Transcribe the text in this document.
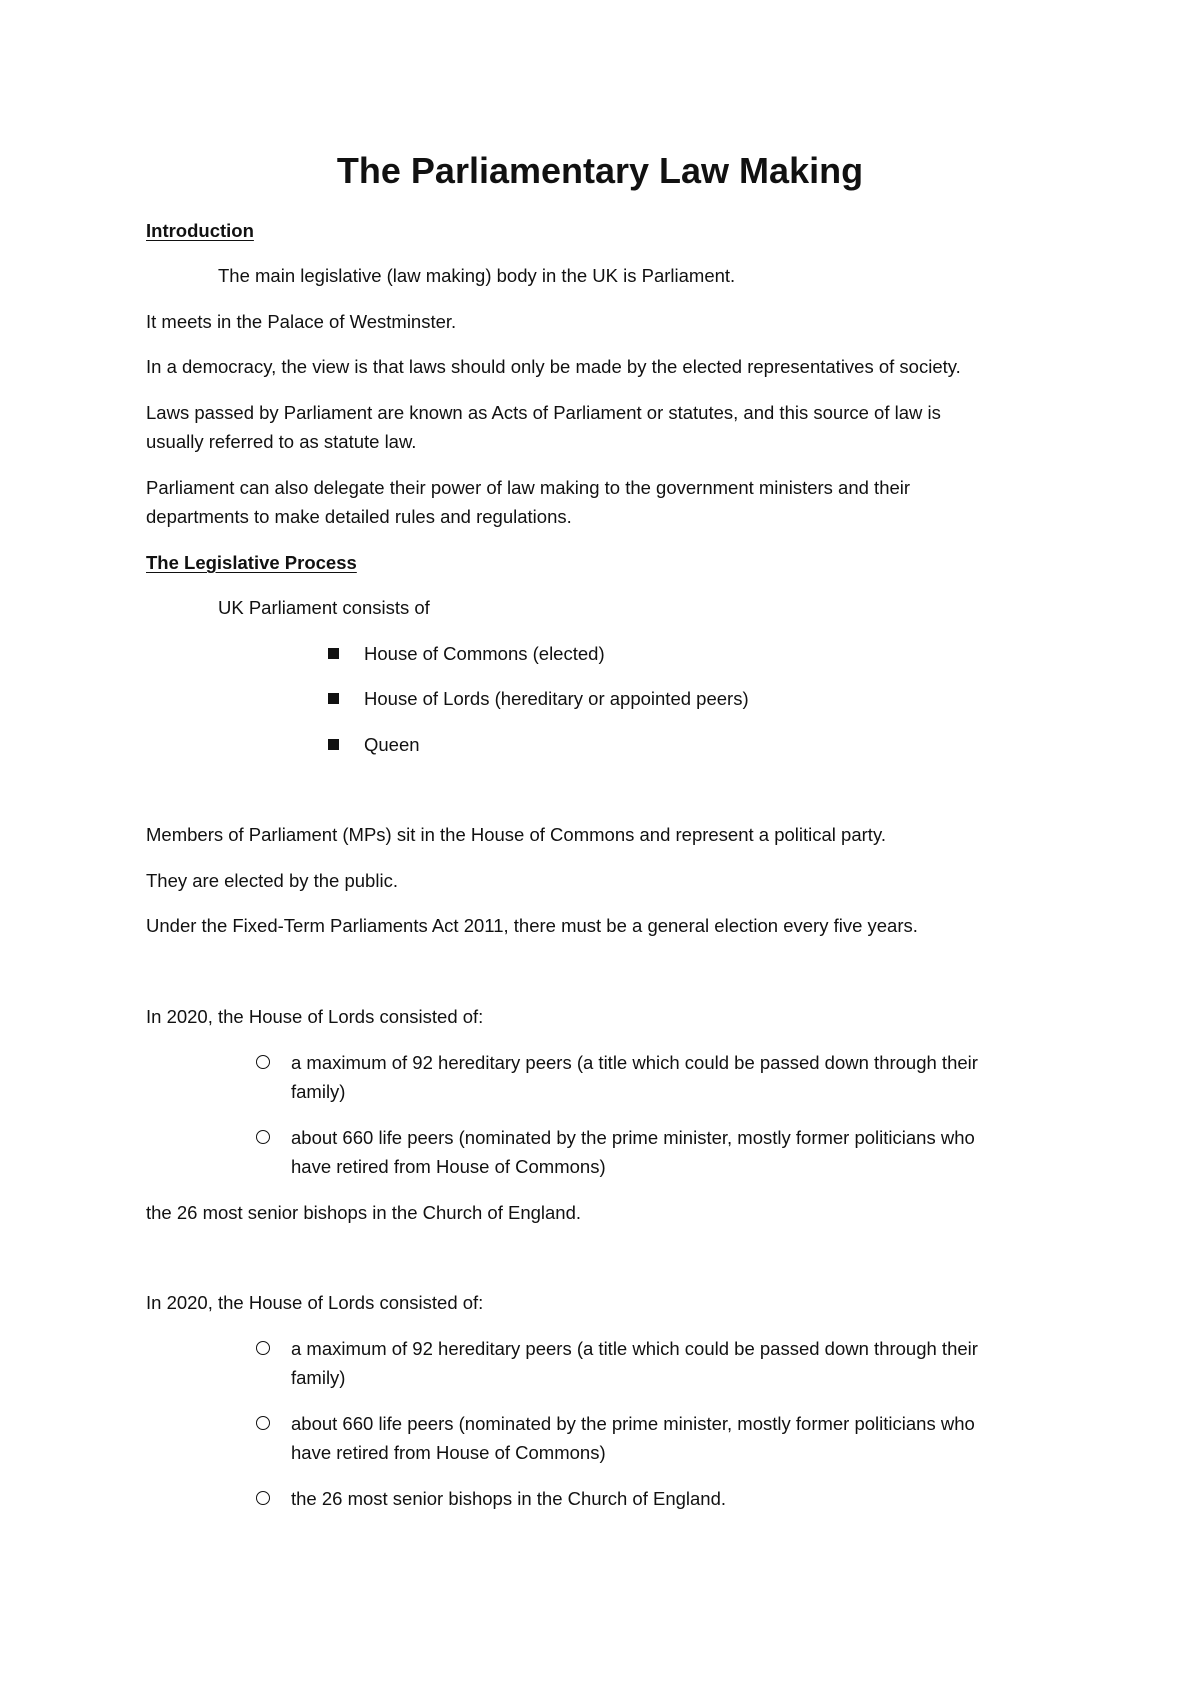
The Parliamentary Law Making
Introduction
The main legislative (law making) body in the UK is Parliament.
It meets in the Palace of Westminster.
In a democracy, the view is that laws should only be made by the elected representatives of society.
Laws passed by Parliament are known as Acts of Parliament or statutes, and this source of law is
usually referred to as statute law.
Parliament can also delegate their power of law making to the government ministers and their
departments to make detailed rules and regulations.
The Legislative Process
UK Parliament consists of
House of Commons (elected)
House of Lords (hereditary or appointed peers)
Queen
Members of Parliament (MPs) sit in the House of Commons and represent a political party.
They are elected by the public.
Under the Fixed-Term Parliaments Act 2011, there must be a general election every five years.
In 2020, the House of Lords consisted of:
a maximum of 92 hereditary peers (a title which could be passed down through their
family)
about 660 life peers (nominated by the prime minister, mostly former politicians who
have retired from House of Commons)
the 26 most senior bishops in the Church of England.
In 2020, the House of Lords consisted of:
a maximum of 92 hereditary peers (a title which could be passed down through their
family)
about 660 life peers (nominated by the prime minister, mostly former politicians who
have retired from House of Commons)
the 26 most senior bishops in the Church of England.
